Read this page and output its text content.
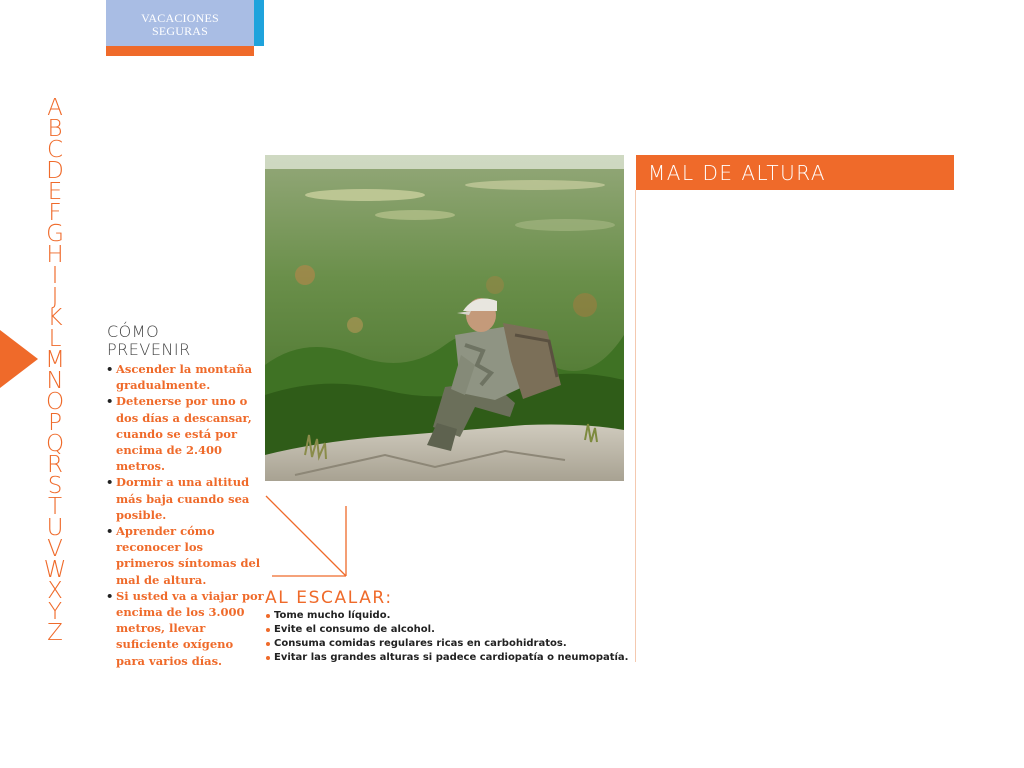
VACACIONES
SEGURAS
A
B
C
D
E
F
G
H
I
J
K
L
M
N
O
P
Q
R
S
T
U
V
W
X
Y
Z
CÓMO
PREVENIR
• Ascender la montaña gradualmente.
• Detenerse por uno o dos días a descansar, cuando se está por encima de 2.400 metros.
• Dormir a una altitud más baja cuando sea posible.
• Aprender cómo reconocer los primeros síntomas del mal de altura.
• Si usted va a viajar por encima de los 3.000 metros, llevar suficiente oxígeno para varios días.
AL ESCALAR:
Tome mucho líquido.
Evite el consumo de alcohol.
Consuma comidas regulares ricas en carbohidratos.
Evitar las grandes alturas si padece cardiopatía o neumopatía.
MAL DE ALTURA
